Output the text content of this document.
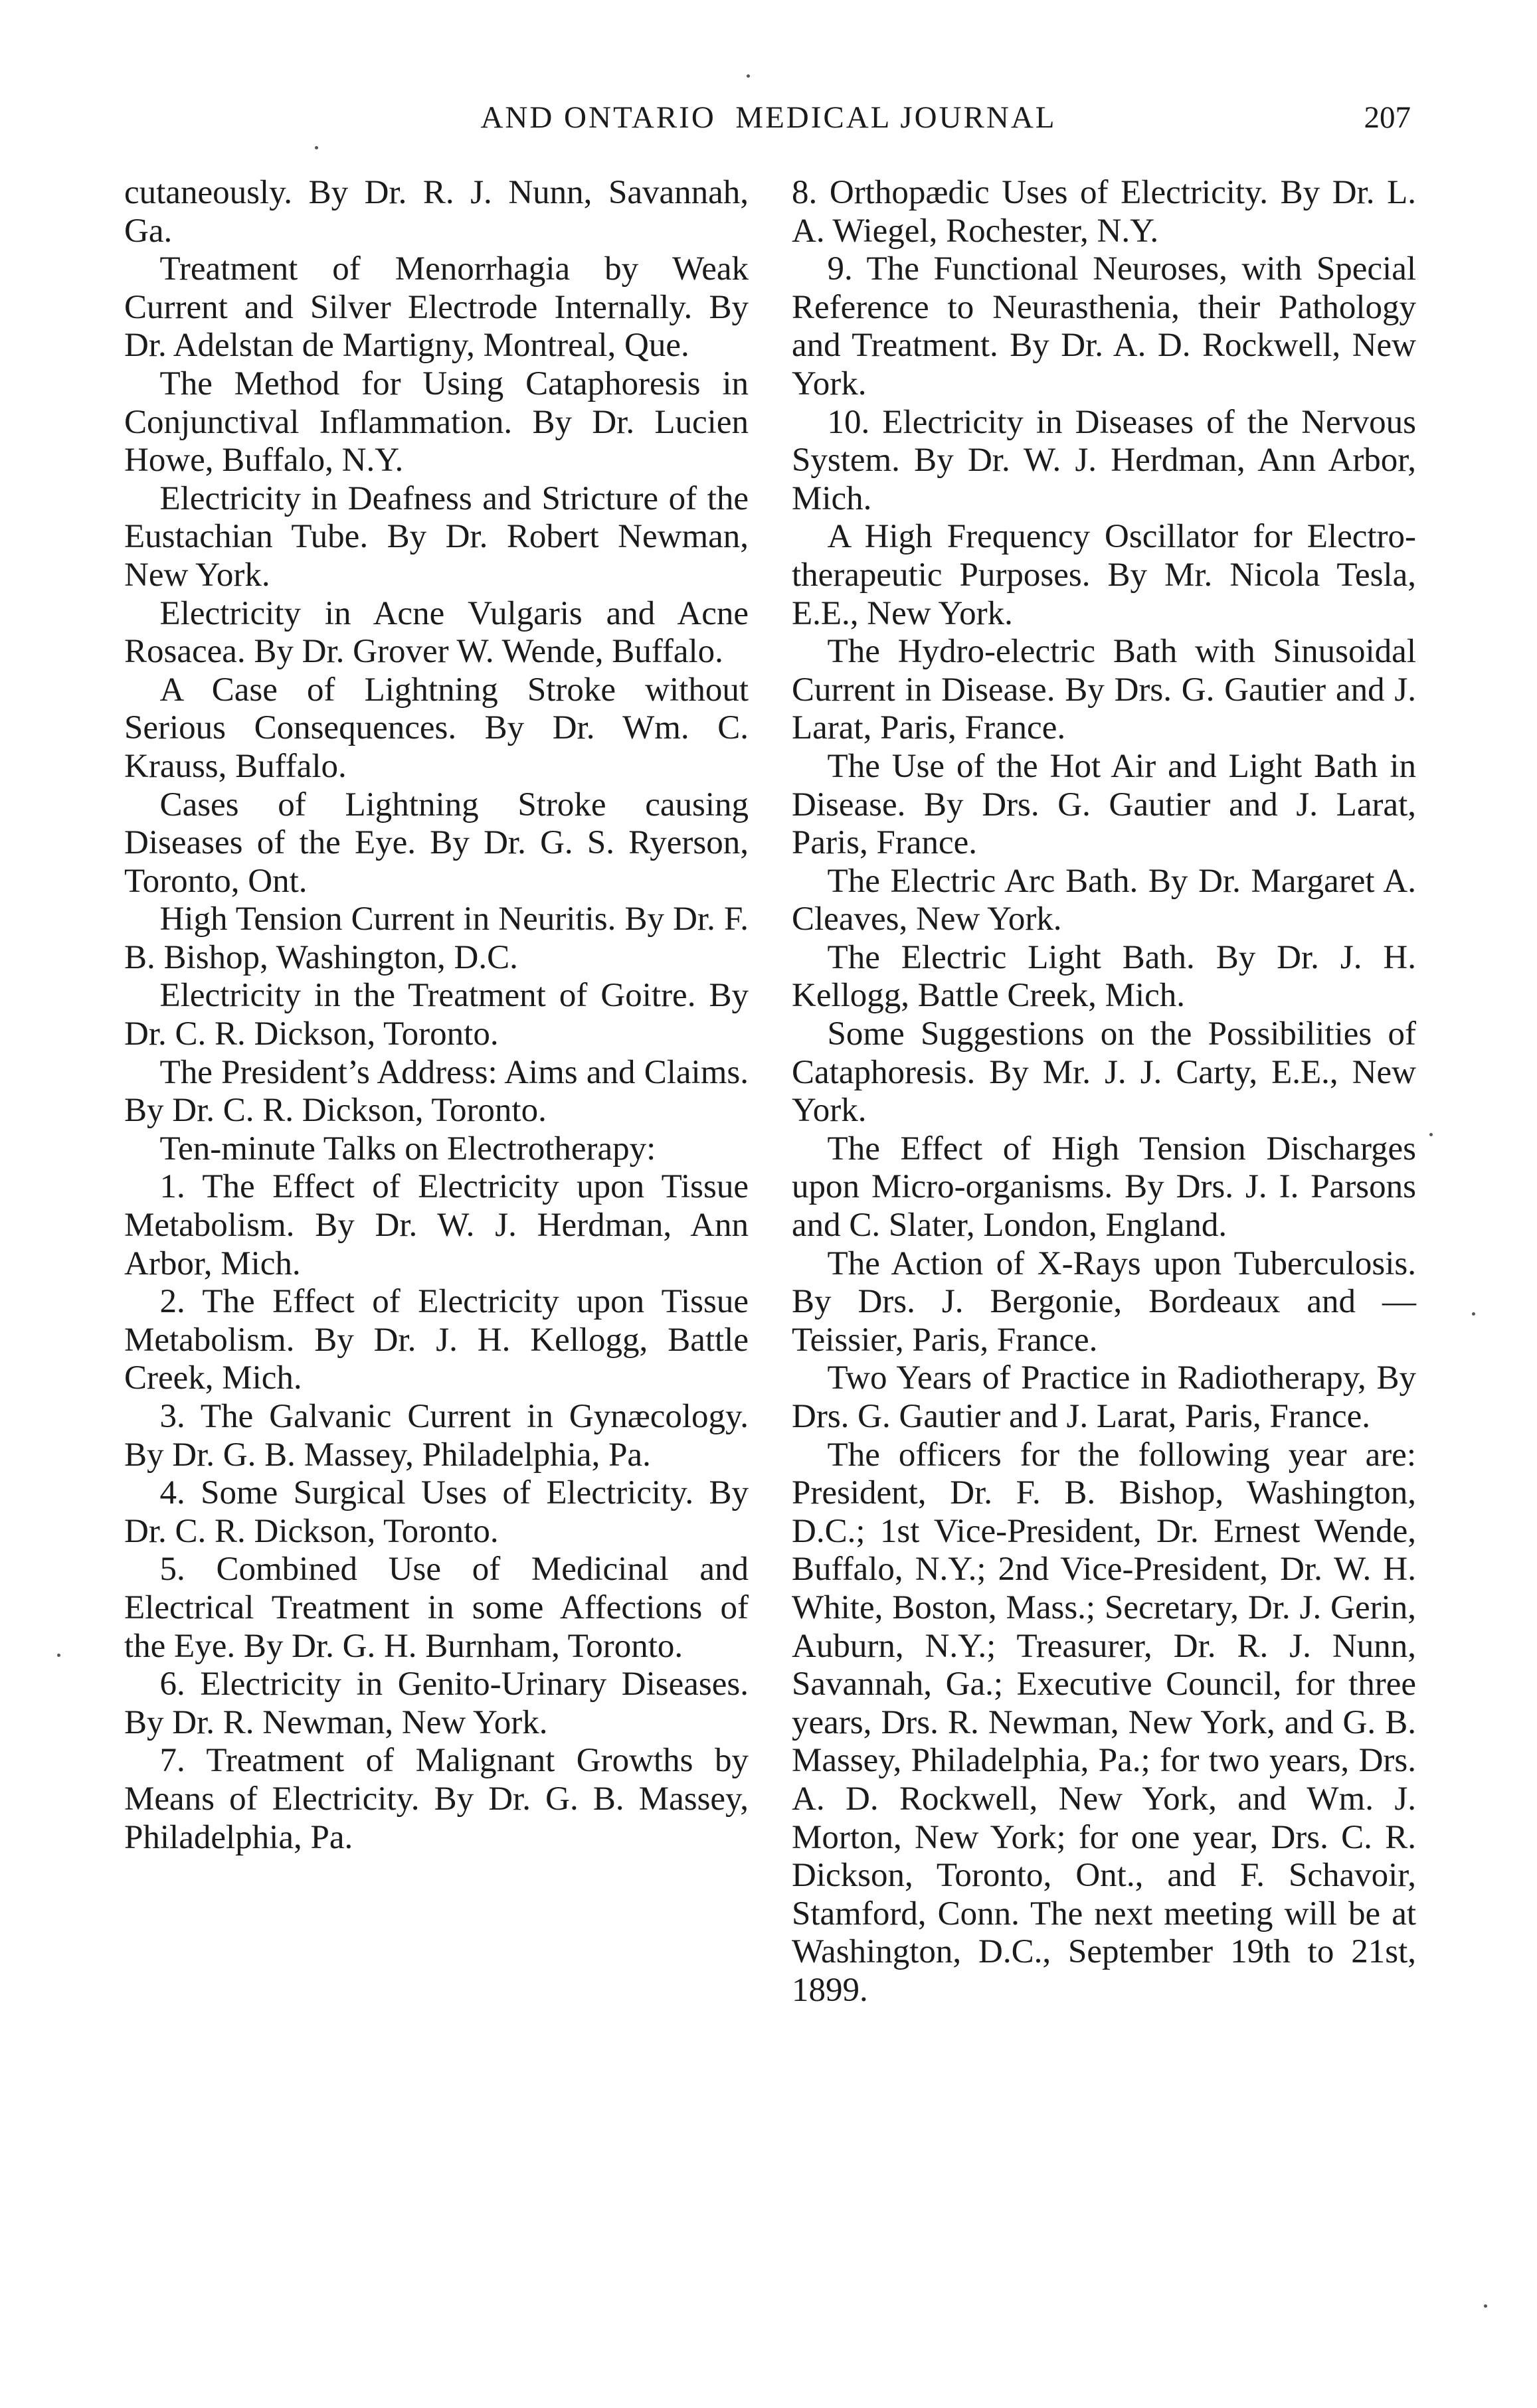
AND ONTARIO  MEDICAL JOURNAL	207

cutaneously. By Dr. R. J. Nunn, Savannah, Ga.

Treatment of Menorrhagia by Weak Current and Silver Electrode Internally. By Dr. Adelstan de Martigny, Montreal, Que.

The Method for Using Cataphoresis in Conjunctival Inflammation. By Dr. Lucien Howe, Buffalo, N.Y.

Electricity in Deafness and Stricture of the Eustachian Tube. By Dr. Robert Newman, New York.

Electricity in Acne Vulgaris and Acne Rosacea. By Dr. Grover W. Wende, Buffalo.

A Case of Lightning Stroke without Serious Consequences. By Dr. Wm. C. Krauss, Buffalo.

Cases of Lightning Stroke causing Diseases of the Eye. By Dr. G. S. Ryerson, Toronto, Ont.

High Tension Current in Neuritis. By Dr. F. B. Bishop, Washington, D.C.

Electricity in the Treatment of Goitre. By Dr. C. R. Dickson, Toronto.

The President’s Address: Aims and Claims. By Dr. C. R. Dickson, Toronto.

Ten-minute Talks on Electrotherapy:

1. The Effect of Electricity upon Tissue Metabolism. By Dr. W. J. Herdman, Ann Arbor, Mich.

2. The Effect of Electricity upon Tissue Metabolism. By Dr. J. H. Kellogg, Battle Creek, Mich.

3. The Galvanic Current in Gynæcology. By Dr. G. B. Massey, Philadelphia, Pa.

4. Some Surgical Uses of Electricity. By Dr. C. R. Dickson, Toronto.

5. Combined Use of Medicinal and Electrical Treatment in some Affections of the Eye. By Dr. G. H. Burnham, Toronto.

6. Electricity in Genito-Urinary Diseases. By Dr. R. Newman, New York.

7. Treatment of Malignant Growths by Means of Electricity. By Dr. G. B. Massey, Philadelphia, Pa.

8. Orthopædic Uses of Electricity. By Dr. L. A. Wiegel, Rochester, N.Y.

9. The Functional Neuroses, with Special Reference to Neurasthenia, their Pathology and Treatment. By Dr. A. D. Rockwell, New York.

10. Electricity in Diseases of the Nervous System. By Dr. W. J. Herdman, Ann Arbor, Mich.

A High Frequency Oscillator for Electro-therapeutic Purposes. By Mr. Nicola Tesla, E.E., New York.

The Hydro-electric Bath with Sinusoidal Current in Disease. By Drs. G. Gautier and J. Larat, Paris, France.

The Use of the Hot Air and Light Bath in Disease. By Drs. G. Gautier and J. Larat, Paris, France.

The Electric Arc Bath. By Dr. Margaret A. Cleaves, New York.

The Electric Light Bath. By Dr. J. H. Kellogg, Battle Creek, Mich.

Some Suggestions on the Possibilities of Cataphoresis. By Mr. J. J. Carty, E.E., New York.

The Effect of High Tension Discharges upon Micro-organisms. By Drs. J. I. Parsons and C. Slater, London, England.

The Action of X-Rays upon Tuberculosis. By Drs. J. Bergonie, Bordeaux and — Teissier, Paris, France.

Two Years of Practice in Radiotherapy, By Drs. G. Gautier and J. Larat, Paris, France.

The officers for the following year are: President, Dr. F. B. Bishop, Washington, D.C.; 1st Vice-President, Dr. Ernest Wende, Buffalo, N.Y.; 2nd Vice-President, Dr. W. H. White, Boston, Mass.; Secretary, Dr. J. Gerin, Auburn, N.Y.; Treasurer, Dr. R. J. Nunn, Savannah, Ga.; Executive Council, for three years, Drs. R. Newman, New York, and G. B. Massey, Philadelphia, Pa.; for two years, Drs. A. D. Rockwell, New York, and Wm. J. Morton, New York; for one year, Drs. C. R. Dickson, Toronto, Ont., and F. Schavoir, Stamford, Conn. The next meeting will be at Washington, D.C., September 19th to 21st, 1899.
